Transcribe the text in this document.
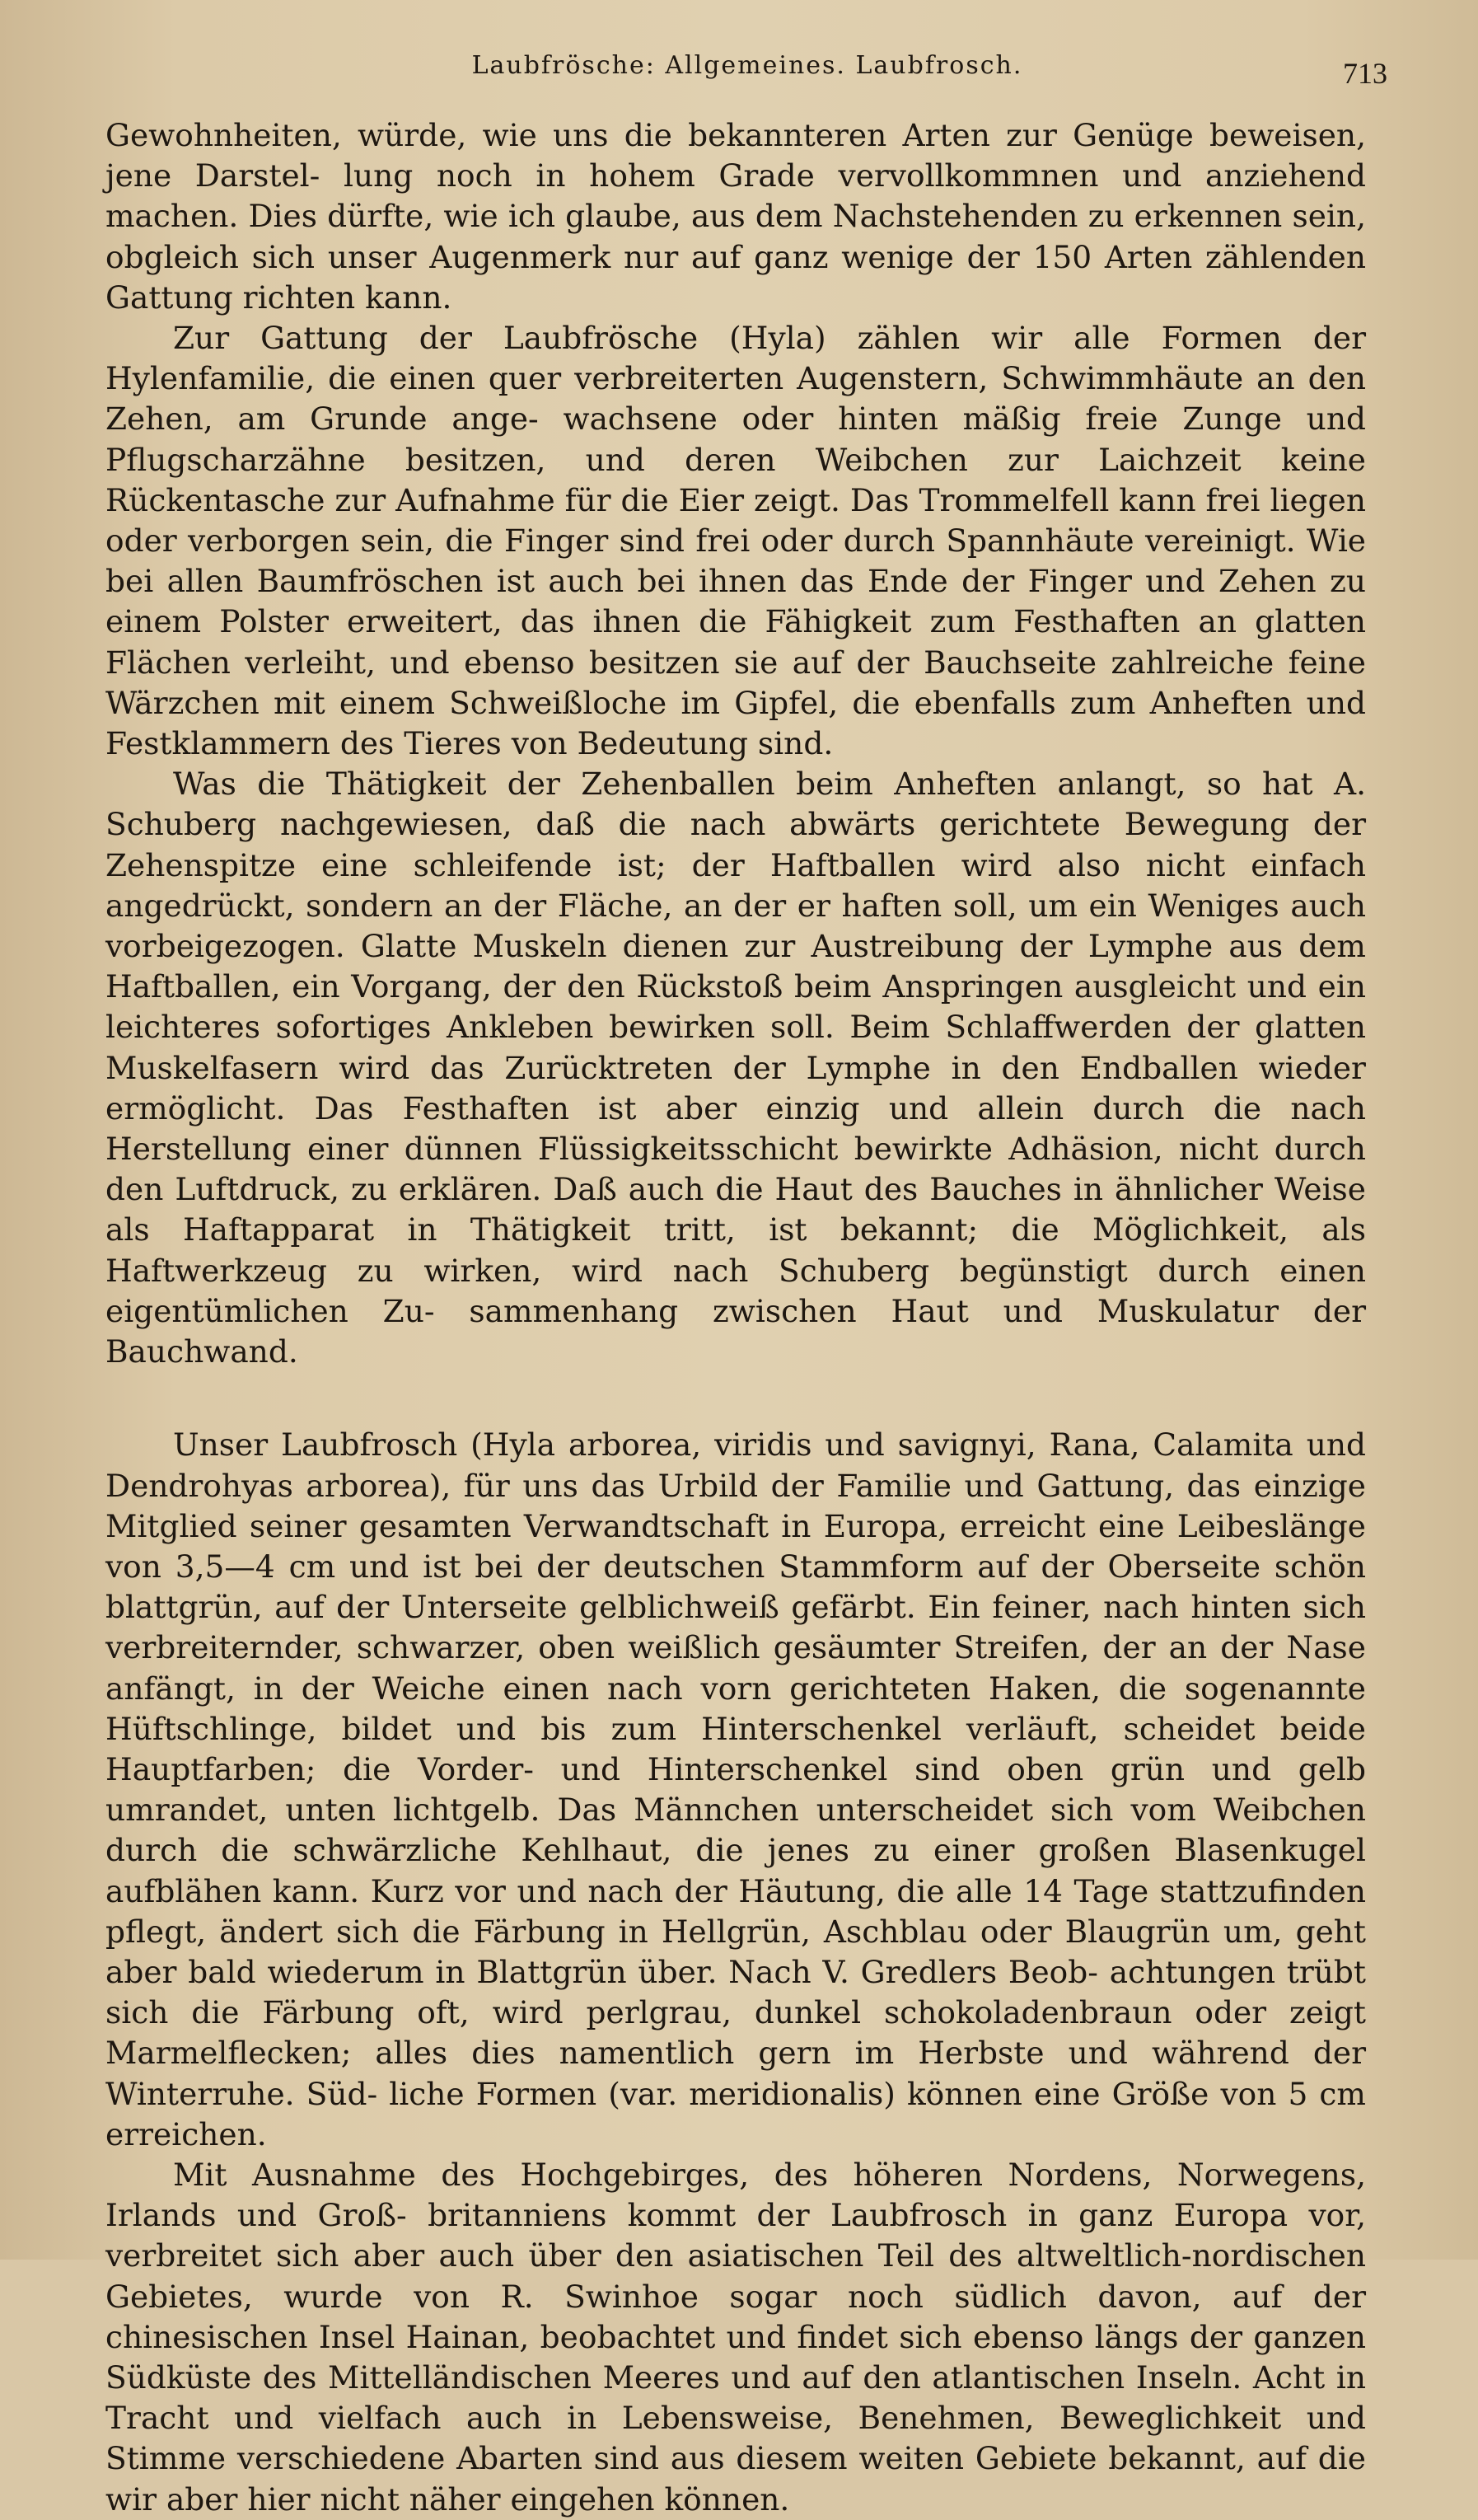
Laubfrösche: Allgemeines. Laubfrosch.	713

Gewohnheiten, würde, wie uns die bekannteren Arten zur Genüge beweisen, jene Darstel- lung noch in hohem Grade vervollkommnen und anziehend machen. Dies dürfte, wie ich glaube, aus dem Nachstehenden zu erkennen sein, obgleich sich unser Augenmerk nur auf ganz wenige der 150 Arten zählenden Gattung richten kann.

Zur Gattung der Laubfrösche (Hyla) zählen wir alle Formen der Hylenfamilie, die einen quer verbreiterten Augenstern, Schwimmhäute an den Zehen, am Grunde ange- wachsene oder hinten mäßig freie Zunge und Pflugscharzähne besitzen, und deren Weibchen zur Laichzeit keine Rückentasche zur Aufnahme für die Eier zeigt. Das Trommelfell kann frei liegen oder verborgen sein, die Finger sind frei oder durch Spannhäute vereinigt. Wie bei allen Baumfröschen ist auch bei ihnen das Ende der Finger und Zehen zu einem Polster erweitert, das ihnen die Fähigkeit zum Festhaften an glatten Flächen verleiht, und ebenso besitzen sie auf der Bauchseite zahlreiche feine Wärzchen mit einem Schweißloche im Gipfel, die ebenfalls zum Anheften und Festklammern des Tieres von Bedeutung sind.

Was die Thätigkeit der Zehenballen beim Anheften anlangt, so hat A. Schuberg nachgewiesen, daß die nach abwärts gerichtete Bewegung der Zehenspitze eine schleifende ist; der Haftballen wird also nicht einfach angedrückt, sondern an der Fläche, an der er haften soll, um ein Weniges auch vorbeigezogen. Glatte Muskeln dienen zur Austreibung der Lymphe aus dem Haftballen, ein Vorgang, der den Rückstoß beim Anspringen ausgleicht und ein leichteres sofortiges Ankleben bewirken soll. Beim Schlaffwerden der glatten Muskelfasern wird das Zurücktreten der Lymphe in den Endballen wieder ermöglicht. Das Festhaften ist aber einzig und allein durch die nach Herstellung einer dünnen Flüssigkeitsschicht bewirkte Adhäsion, nicht durch den Luftdruck, zu erklären. Daß auch die Haut des Bauches in ähnlicher Weise als Haftapparat in Thätigkeit tritt, ist bekannt; die Möglichkeit, als Haftwerkzeug zu wirken, wird nach Schuberg begünstigt durch einen eigentümlichen Zu- sammenhang zwischen Haut und Muskulatur der Bauchwand.

Unser Laubfrosch (Hyla arborea, viridis und savignyi, Rana, Calamita und Dendrohyas arborea), für uns das Urbild der Familie und Gattung, das einzige Mitglied seiner gesamten Verwandtschaft in Europa, erreicht eine Leibeslänge von 3,5—4 cm und ist bei der deutschen Stammform auf der Oberseite schön blattgrün, auf der Unterseite gelblichweiß gefärbt. Ein feiner, nach hinten sich verbreiternder, schwarzer, oben weißlich gesäumter Streifen, der an der Nase anfängt, in der Weiche einen nach vorn gerichteten Haken, die sogenannte Hüftschlinge, bildet und bis zum Hinterschenkel verläuft, scheidet beide Hauptfarben; die Vorder- und Hinterschenkel sind oben grün und gelb umrandet, unten lichtgelb. Das Männchen unterscheidet sich vom Weibchen durch die schwärzliche Kehlhaut, die jenes zu einer großen Blasenkugel aufblähen kann. Kurz vor und nach der Häutung, die alle 14 Tage stattzufinden pflegt, ändert sich die Färbung in Hellgrün, Aschblau oder Blaugrün um, geht aber bald wiederum in Blattgrün über. Nach V. Gredlers Beob- achtungen trübt sich die Färbung oft, wird perlgrau, dunkel schokoladenbraun oder zeigt Marmelflecken; alles dies namentlich gern im Herbste und während der Winterruhe. Süd- liche Formen (var. meridionalis) können eine Größe von 5 cm erreichen.

Mit Ausnahme des Hochgebirges, des höheren Nordens, Norwegens, Irlands und Groß- britanniens kommt der Laubfrosch in ganz Europa vor, verbreitet sich aber auch über den asiatischen Teil des altweltlich-nordischen Gebietes, wurde von R. Swinhoe sogar noch südlich davon, auf der chinesischen Insel Hainan, beobachtet und findet sich ebenso längs der ganzen Südküste des Mittelländischen Meeres und auf den atlantischen Inseln. Acht in Tracht und vielfach auch in Lebensweise, Benehmen, Beweglichkeit und Stimme verschiedene Abarten sind aus diesem weiten Gebiete bekannt, auf die wir aber hier nicht näher eingehen können.
